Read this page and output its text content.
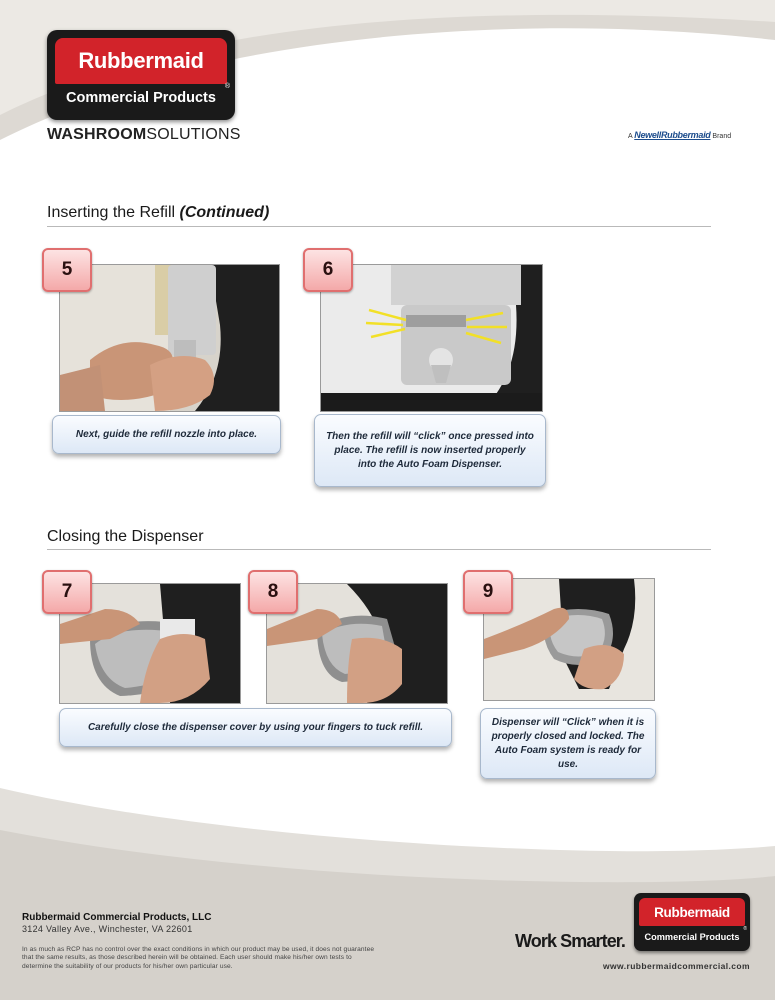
Rubbermaid
®
Commercial Products
WASHROOMSOLUTIONS	A NewellRubbermaid Brand
Inserting the Refill (Continued)
5
Next, guide the refill nozzle into place.
6
Then the refill will “click” once pressed into place. The refill is now inserted properly into the Auto Foam Dispenser.
Closing the Dispenser
7	8
Carefully close the dispenser cover by using your fingers to tuck refill.
9
Dispenser will “Click” when it is properly closed and locked. The Auto Foam system is ready for use.
Rubbermaid Commercial Products, LLC
3124 Valley Ave., Winchester, VA 22601
In as much as RCP has no control over the exact conditions in which our product may be used, it does not guarantee that the same results, as those described herein will be obtained. Each user should make his/her own tests to determine the suitability of our products for his/her own particular use.
Work Smarter.
Rubbermaid
®
Commercial Products
www.rubbermaidcommercial.com
